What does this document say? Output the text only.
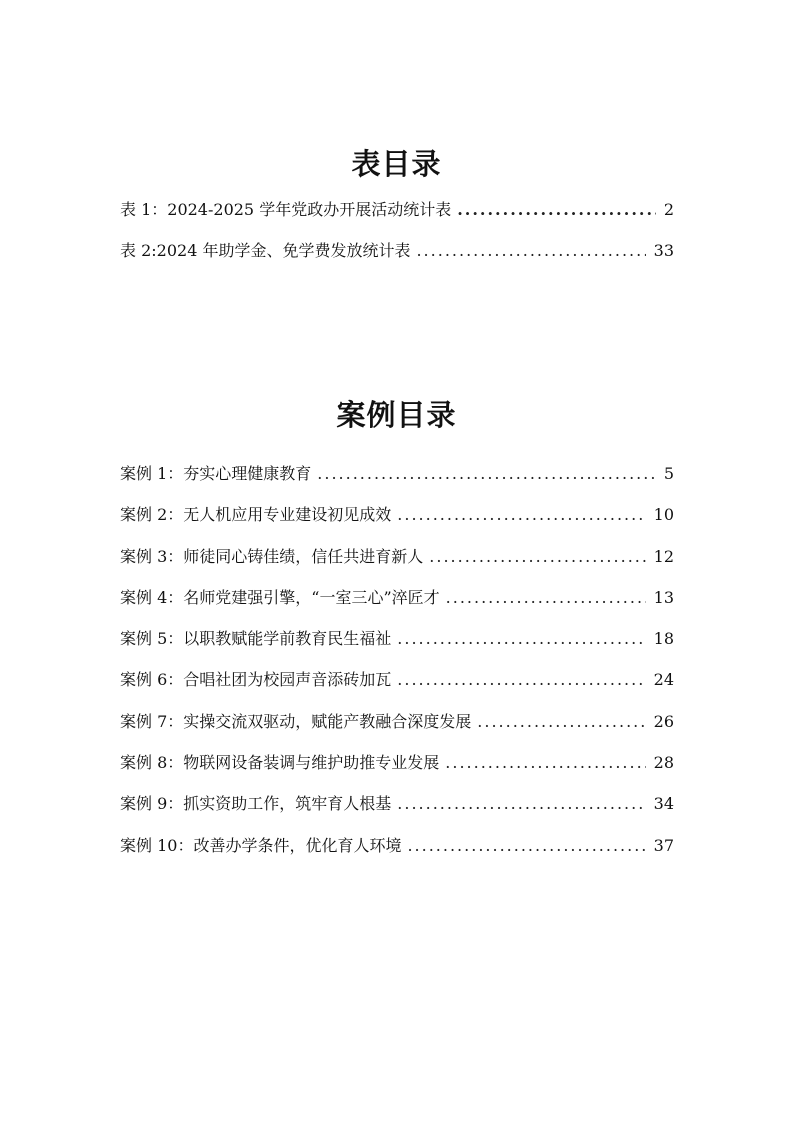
表目录
表 1：2024-2025 学年党政办开展活动统计表 .....	2
表 2:2024 年助学金、免学费发放统计表 .....	33
案例目录
案例 1：夯实心理健康教育 .....	5
案例 2：无人机应用专业建设初见成效 .....	10
案例 3：师徒同心铸佳绩，信任共进育新人 .....	12
案例 4：名师党建强引擎，“一室三心”淬匠才 .....	13
案例 5：以职教赋能学前教育民生福祉 .....	18
案例 6：合唱社团为校园声音添砖加瓦 .....	24
案例 7：实操交流双驱动，赋能产教融合深度发展 .....	26
案例 8：物联网设备装调与维护助推专业发展 .....	28
案例 9：抓实资助工作，筑牢育人根基 .....	34
案例 10：改善办学条件，优化育人环境 .....	37
